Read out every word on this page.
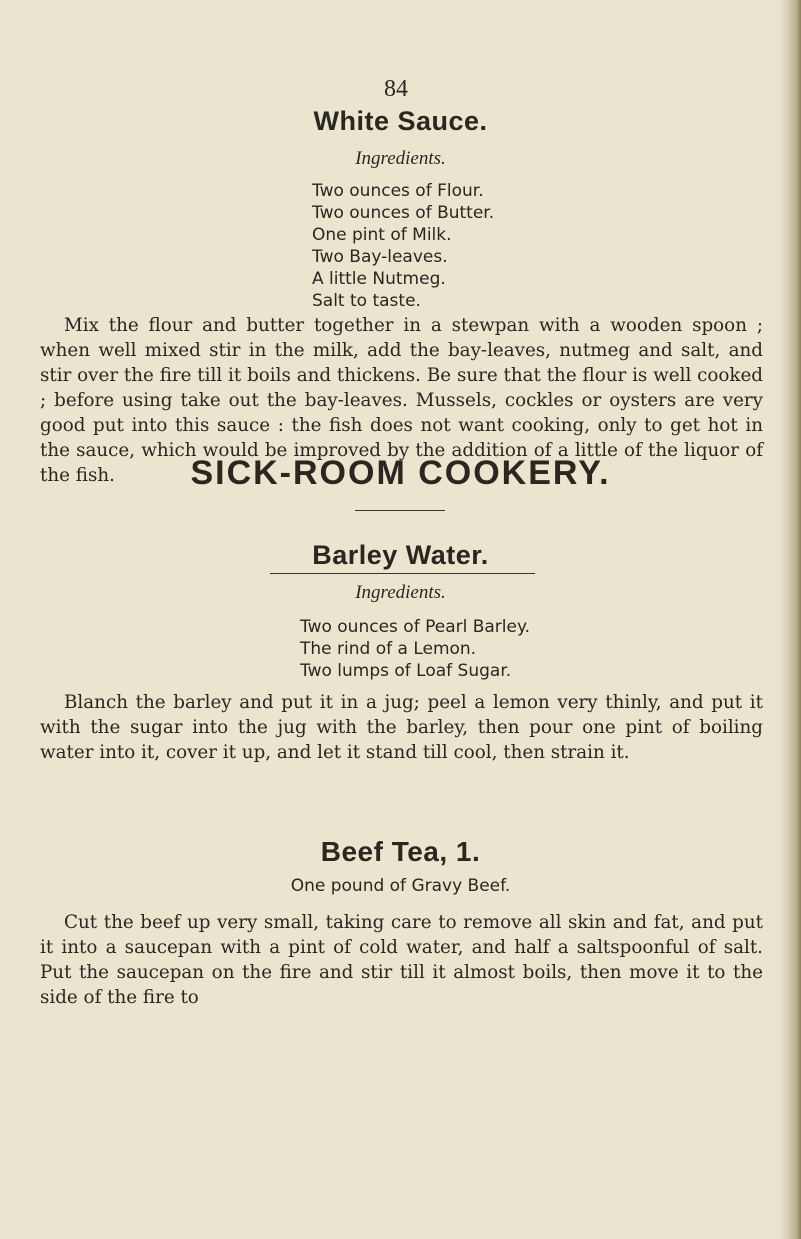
84
White Sauce.
Ingredients.
Two ounces of Flour.
Two ounces of Butter.
One pint of Milk.
Two Bay-leaves.
A little Nutmeg.
Salt to taste.

Mix the flour and butter together in a stewpan with a wooden spoon ; when well mixed stir in the milk, add the bay-leaves, nutmeg and salt, and stir over the fire till it boils and thickens. Be sure that the flour is well cooked ; before using take out the bay-leaves. Mussels, cockles or oysters are very good put into this sauce : the fish does not want cooking, only to get hot in the sauce, which would be improved by the addition of a little of the liquor of the fish.	SICK-ROOM COOKERY.
Barley Water.
Ingredients.
Two ounces of Pearl Barley.
The rind of a Lemon.
Two lumps of Loaf Sugar.

Blanch the barley and put it in a jug; peel a lemon very thinly, and put it with the sugar into the jug with the barley, then pour one pint of boiling water into it, cover it up, and let it stand till cool, then strain it.

Beef Tea, 1.
One pound of Gravy Beef.

Cut the beef up very small, taking care to remove all skin and fat, and put it into a saucepan with a pint of cold water, and half a saltspoonful of salt. Put the saucepan on the fire and stir till it almost boils, then move it to the side of the fire to
